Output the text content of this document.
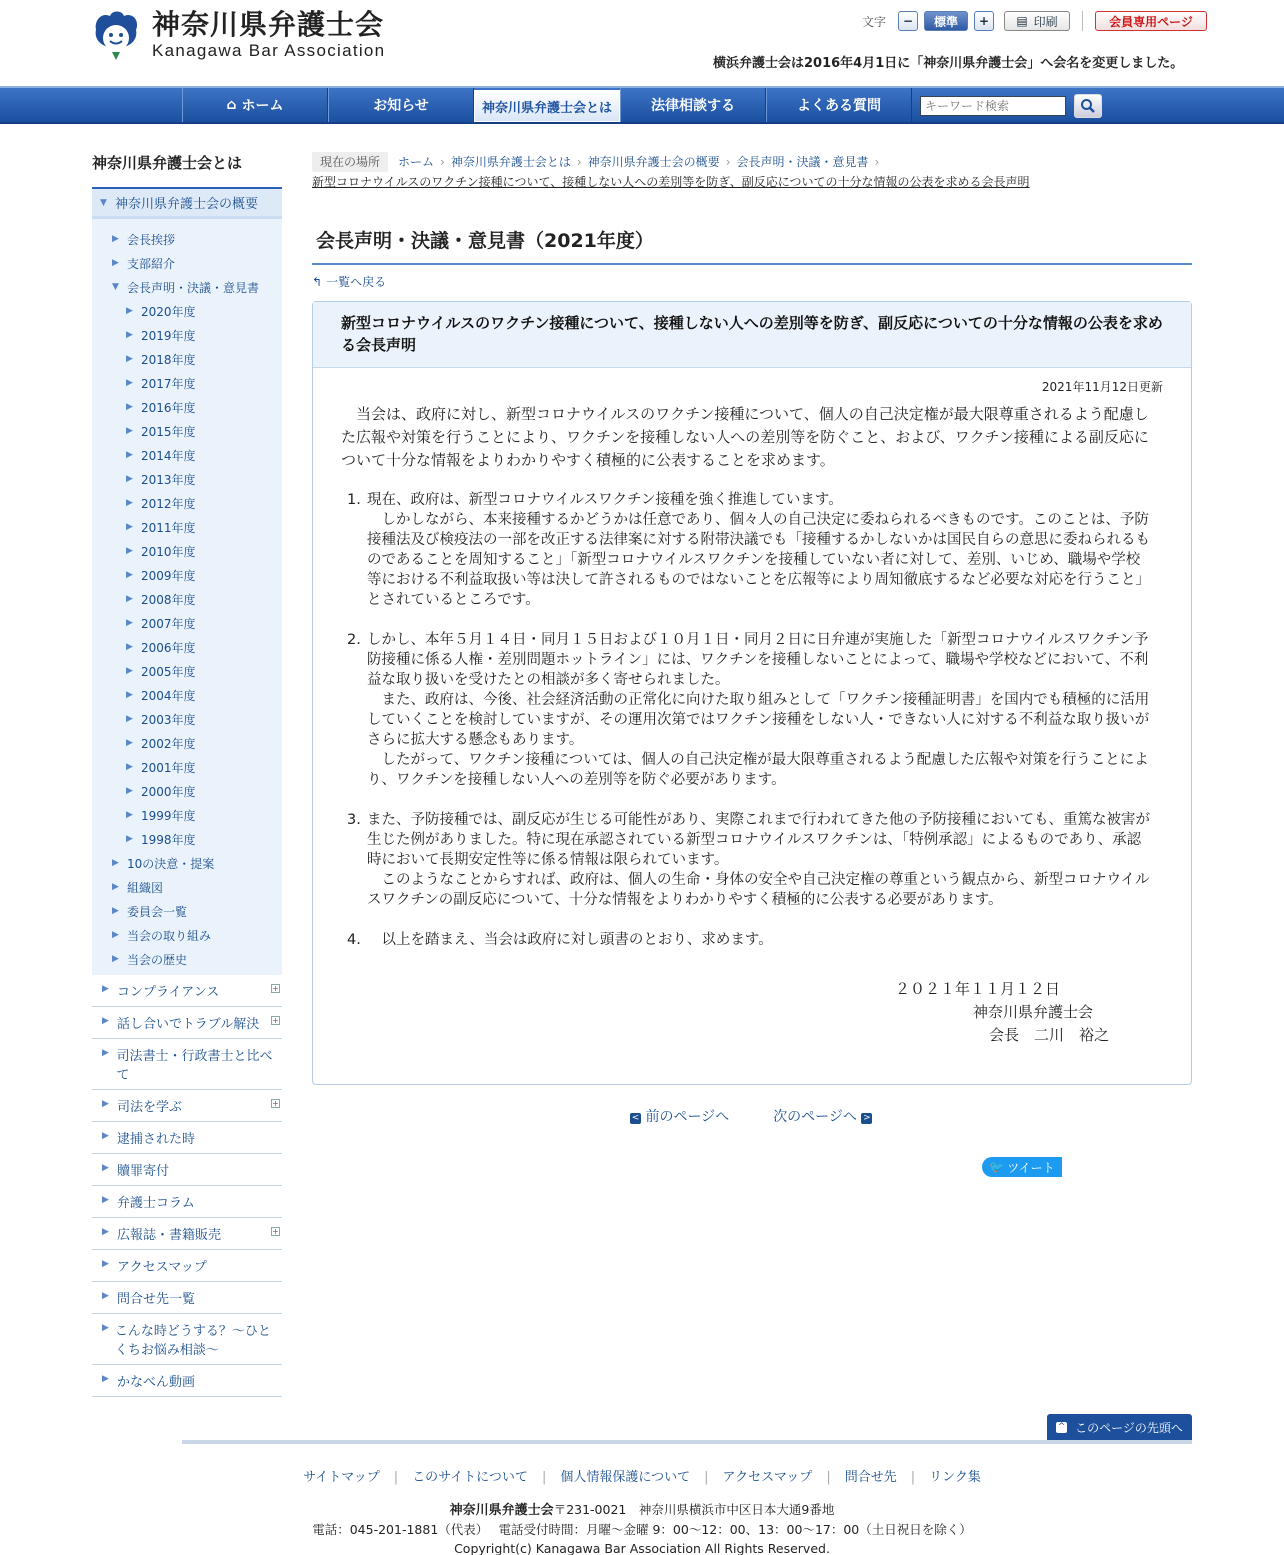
神奈川県弁護士会
Kanagawa Bar Association
文字	−	標準	+	▤ 印刷	会員専用ページ
横浜弁護士会は2016年4月1日に「神奈川県弁護士会」へ会名を変更しました。
⌂ ホーム	お知らせ	神奈川県弁護士会とは	法律相談する	よくある質問
キーワード検索
神奈川県弁護士会とは
▼ 神奈川県弁護士会の概要
▶ 会長挨拶
▶ 支部紹介
▼ 会長声明・決議・意見書
▶ 2020年度
▶ 2019年度
▶ 2018年度
▶ 2017年度
▶ 2016年度
▶ 2015年度
▶ 2014年度
▶ 2013年度
▶ 2012年度
▶ 2011年度
▶ 2010年度
▶ 2009年度
▶ 2008年度
▶ 2007年度
▶ 2006年度
▶ 2005年度
▶ 2004年度
▶ 2003年度
▶ 2002年度
▶ 2001年度
▶ 2000年度
▶ 1999年度
▶ 1998年度
▶ 10の決意・提案
▶ 組織図
▶ 委員会一覧
▶ 当会の取り組み
▶ 当会の歴史
▶ コンプライアンス	+
▶ 話し合いでトラブル解決 +
▶ 司法書士・行政書士と比べて
▶ 司法を学ぶ	+
▶ 逮捕された時
▶ 贖罪寄付
▶ 弁護士コラム
▶ 広報誌・書籍販売	+
▶ アクセスマップ
▶ 問合せ先一覧
▶ こんな時どうする？～ひとくちお悩み相談～
▶ かなべん動画
現在の場所 ホーム › 神奈川県弁護士会とは › 神奈川県弁護士会の概要 › 会長声明・決議・意見書 ›
新型コロナウイルスのワクチン接種について、接種しない人への差別等を防ぎ、副反応についての十分な情報の公表を求める会長声明
会長声明・決議・意見書（2021年度）
↰ 一覧へ戻る
新型コロナウイルスのワクチン接種について、接種しない人への差別等を防ぎ、副反応についての十分な情報の公表を求める会長声明
2021年11月12日更新
当会は、政府に対し、新型コロナウイルスのワクチン接種について、個人の自己決定権が最大限尊重されるよう配慮した広報や対策を行うことにより、ワクチンを接種しない人への差別等を防ぐこと、および、ワクチン接種による副反応について十分な情報をよりわかりやすく積極的に公表することを求めます。
1. 現在、政府は、新型コロナウイルスワクチン接種を強く推進しています。
　しかしながら、本来接種するかどうかは任意であり、個々人の自己決定に委ねられるべきものです。このことは、予防接種法及び検疫法の一部を改正する法律案に対する附帯決議でも「接種するかしないかは国民自らの意思に委ねられるものであることを周知すること」「新型コロナウイルスワクチンを接種していない者に対して、差別、いじめ、職場や学校等における不利益取扱い等は決して許されるものではないことを広報等により周知徹底するなど必要な対応を行うこと」とされているところです。
2. しかし、本年５月１４日・同月１５日および１０月１日・同月２日に日弁連が実施した「新型コロナウイルスワクチン予防接種に係る人権・差別問題ホットライン」には、ワクチンを接種しないことによって、職場や学校などにおいて、不利益な取り扱いを受けたとの相談が多く寄せられました。
　また、政府は、今後、社会経済活動の正常化に向けた取り組みとして「ワクチン接種証明書」を国内でも積極的に活用していくことを検討していますが、その運用次第ではワクチン接種をしない人・できない人に対する不利益な取り扱いがさらに拡大する懸念もあります。
　したがって、ワクチン接種については、個人の自己決定権が最大限尊重されるよう配慮した広報や対策を行うことにより、ワクチンを接種しない人への差別等を防ぐ必要があります。
3. また、予防接種では、副反応が生じる可能性があり、実際これまで行われてきた他の予防接種においても、重篤な被害が生じた例がありました。特に現在承認されている新型コロナウイルスワクチンは、「特例承認」によるものであり、承認時において長期安定性等に係る情報は限られています。
　このようなことからすれば、政府は、個人の生命・身体の安全や自己決定権の尊重という観点から、新型コロナウイルスワクチンの副反応について、十分な情報をよりわかりやすく積極的に公表する必要があります。
4. 　以上を踏まえ、当会は政府に対し頭書のとおり、求めます。
２０２１年１１月１２日
神奈川県弁護士会
会長　二川　裕之
< 前のページへ	次のページへ >
🐦 ツイート
^ このページの先頭へ
サイトマップ | このサイトについて | 個人情報保護について | アクセスマップ | 問合せ先 | リンク集
神奈川県弁護士会〒231-0021　神奈川県横浜市中区日本大通9番地
電話：045-201-1881（代表）　 電話受付時間：月曜～金曜 9：00～12：00、13：00～17：00（土日祝日を除く）
Copyright(c) Kanagawa Bar Association All Rights Reserved.
